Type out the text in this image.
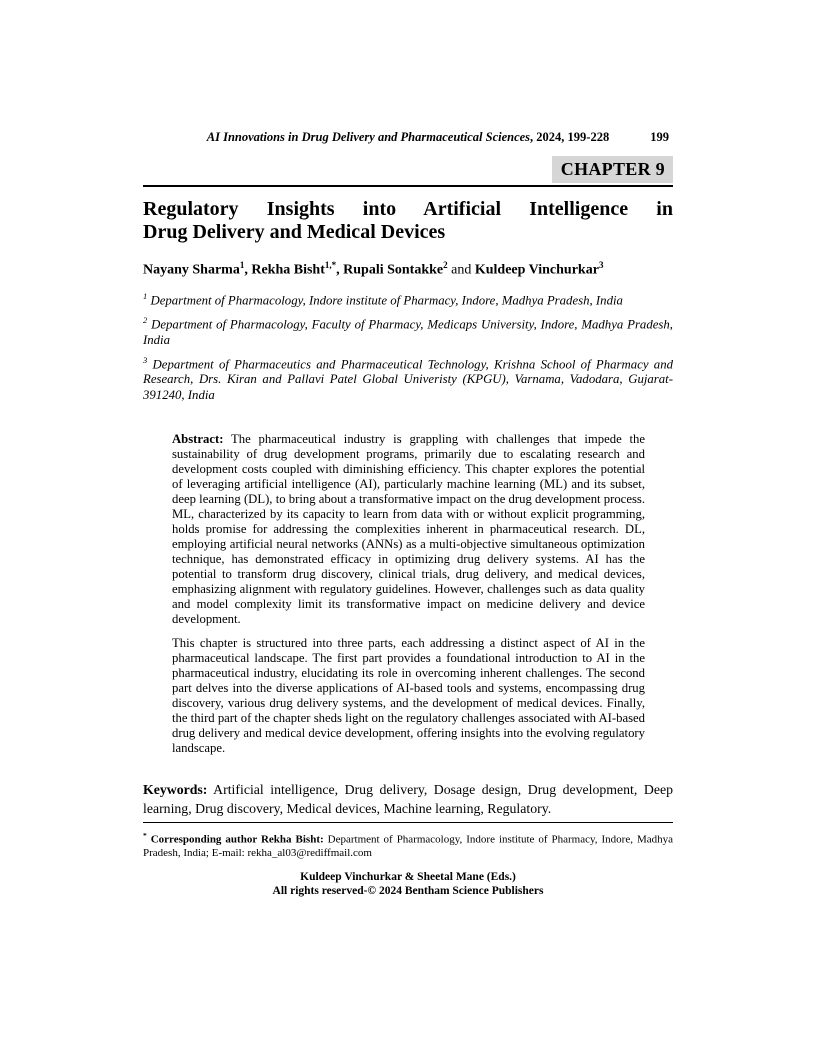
AI Innovations in Drug Delivery and Pharmaceutical Sciences, 2024, 199-228	199
CHAPTER 9
Regulatory Insights into Artificial Intelligence in
Drug Delivery and Medical Devices
Nayany Sharma$^1$, Rekha Bisht$^{1,*}$, Rupali Sontakke$^2$ and Kuldeep Vinchurkar$^3$

$^1$ Department of Pharmacology, Indore institute of Pharmacy, Indore, Madhya Pradesh, India

$^2$ Department of Pharmacology, Faculty of Pharmacy, Medicaps University, Indore, Madhya Pradesh, India

$^3$ Department of Pharmaceutics and Pharmaceutical Technology, Krishna School of Pharmacy and Research, Drs. Kiran and Pallavi Patel Global Univeristy (KPGU), Varnama, Vadodara, Gujarat-391240, India

Abstract: The pharmaceutical industry is grappling with challenges that impede the sustainability of drug development programs, primarily due to escalating research and development costs coupled with diminishing efficiency. This chapter explores the potential of leveraging artificial intelligence (AI), particularly machine learning (ML) and its subset, deep learning (DL), to bring about a transformative impact on the drug development process. ML, characterized by its capacity to learn from data with or without explicit programming, holds promise for addressing the complexities inherent in pharmaceutical research. DL, employing artificial neural networks (ANNs) as a multi-objective simultaneous optimization technique, has demonstrated efficacy in optimizing drug delivery systems. AI has the potential to transform drug discovery, clinical trials, drug delivery, and medical devices, emphasizing alignment with regulatory guidelines. However, challenges such as data quality and model complexity limit its transformative impact on medicine delivery and device development.

This chapter is structured into three parts, each addressing a distinct aspect of AI in the pharmaceutical landscape. The first part provides a foundational introduction to AI in the pharmaceutical industry, elucidating its role in overcoming inherent challenges. The second part delves into the diverse applications of AI-based tools and systems, encompassing drug discovery, various drug delivery systems, and the development of medical devices. Finally, the third part of the chapter sheds light on the regulatory challenges associated with AI-based drug delivery and medical device development, offering insights into the evolving regulatory landscape.

Keywords: Artificial intelligence, Drug delivery, Dosage design, Drug development, Deep learning, Drug discovery, Medical devices, Machine learning, Regulatory.
* Corresponding author Rekha Bisht: Department of Pharmacology, Indore institute of Pharmacy, Indore, Madhya Pradesh, India; E-mail: rekha_al03@rediffmail.com
Kuldeep Vinchurkar & Sheetal Mane (Eds.)
All rights reserved-© 2024 Bentham Science Publishers
